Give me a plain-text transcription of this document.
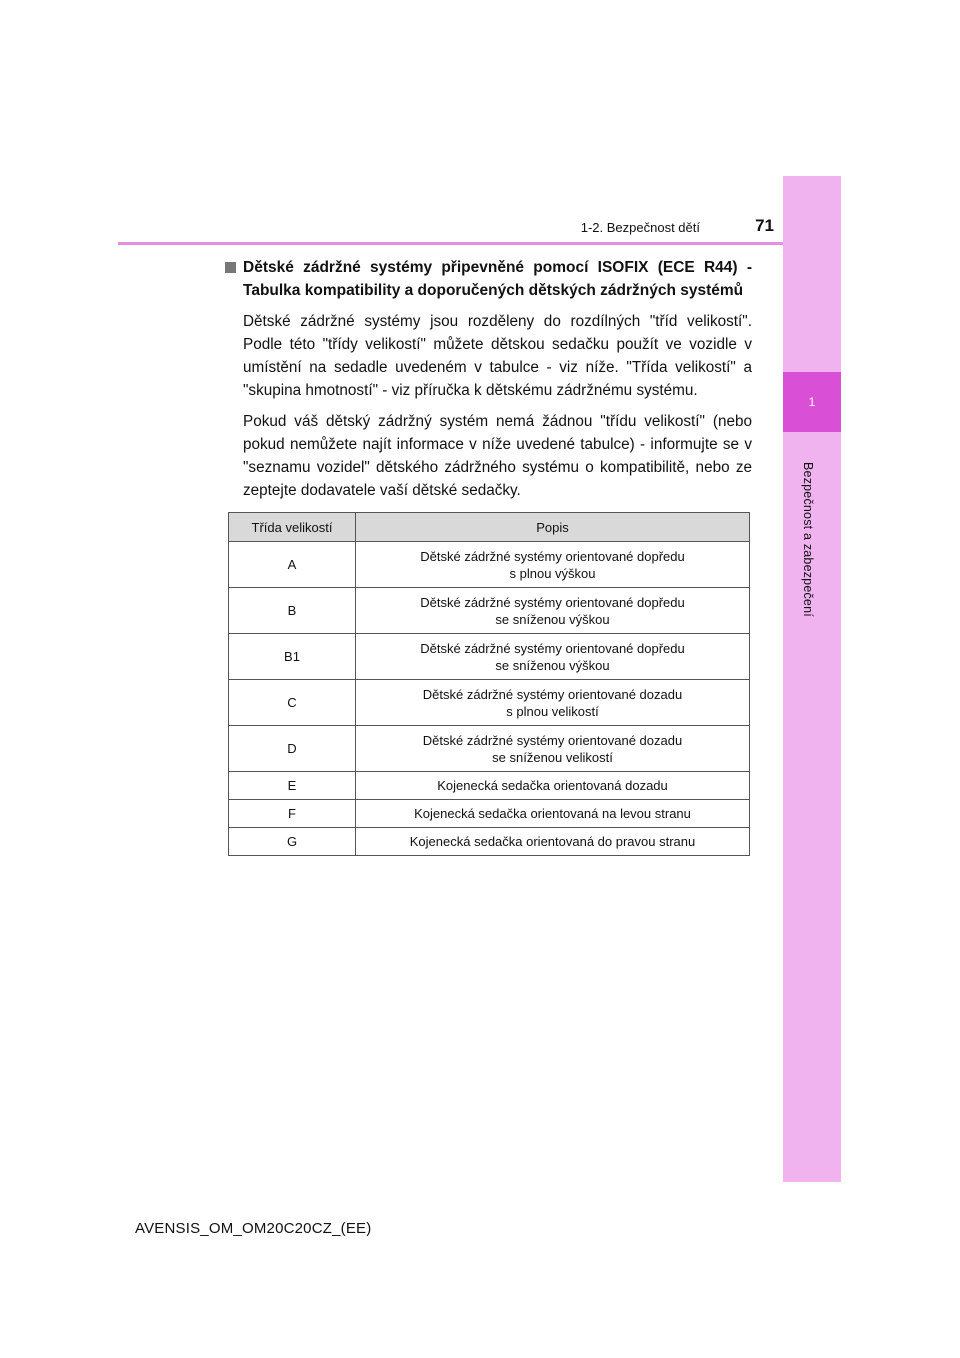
1
Bezpečnost a zabezpečení
1-2. Bezpečnost dětí	71
Dětské zádržné systémy připevněné pomocí ISOFIX (ECE R44) - Tabulka kompatibility a doporučených dětských zádržných systémů

Dětské zádržné systémy jsou rozděleny do rozdílných "tříd velikostí". Podle této "třídy velikostí" můžete dětskou sedačku použít ve vozidle v umístění na sedadle uvedeném v tabulce - viz níže. "Třída velikostí" a "skupina hmotností" - viz příručka k dětskému zádržnému systému.

Pokud váš dětský zádržný systém nemá žádnou "třídu velikostí" (nebo pokud nemůžete najít informace v níže uvedené tabulce) - informujte se v "seznamu vozidel" dětského zádržného systému o kompatibilitě, nebo ze zeptejte dodavatele vaší dětské sedačky.

Třída velikostí	Popis
A	Dětské zádržné systémy orientované dopředu
s plnou výškou
B	Dětské zádržné systémy orientované dopředu
se sníženou výškou
B1	Dětské zádržné systémy orientované dopředu
se sníženou výškou
C	Dětské zádržné systémy orientované dozadu
s plnou velikostí
D	Dětské zádržné systémy orientované dozadu
se sníženou velikostí
E	Kojenecká sedačka orientovaná dozadu
F	Kojenecká sedačka orientovaná na levou stranu
G	Kojenecká sedačka orientovaná do pravou stranu
AVENSIS_OM_OM20C20CZ_(EE)
